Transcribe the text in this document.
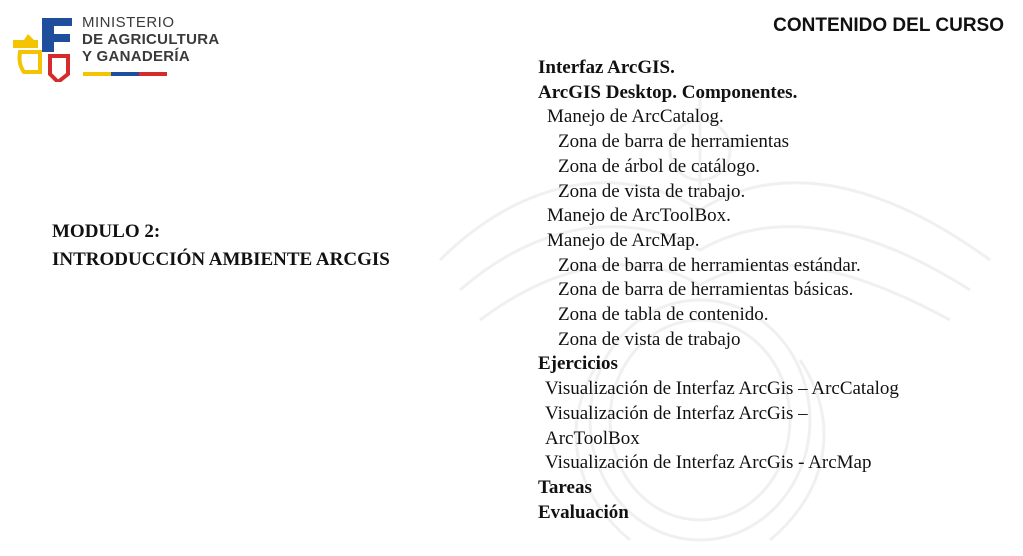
MINISTERIO
DE AGRICULTURA
Y GANADERÍA
CONTENIDO DEL CURSO
MODULO 2:
INTRODUCCIÓN AMBIENTE ARCGIS
Interfaz ArcGIS.
ArcGIS Desktop. Componentes.
Manejo de ArcCatalog.
Zona de barra de herramientas
Zona de árbol de catálogo.
Zona de vista de trabajo.
Manejo de ArcToolBox.
Manejo de ArcMap.
Zona de barra de herramientas estándar.
Zona de barra de herramientas básicas.
Zona de tabla de contenido.
Zona de vista de trabajo
Ejercicios
Visualización de Interfaz ArcGis – ArcCatalog
Visualización de Interfaz ArcGis –
ArcToolBox
Visualización de Interfaz ArcGis - ArcMap
Tareas
Evaluación
